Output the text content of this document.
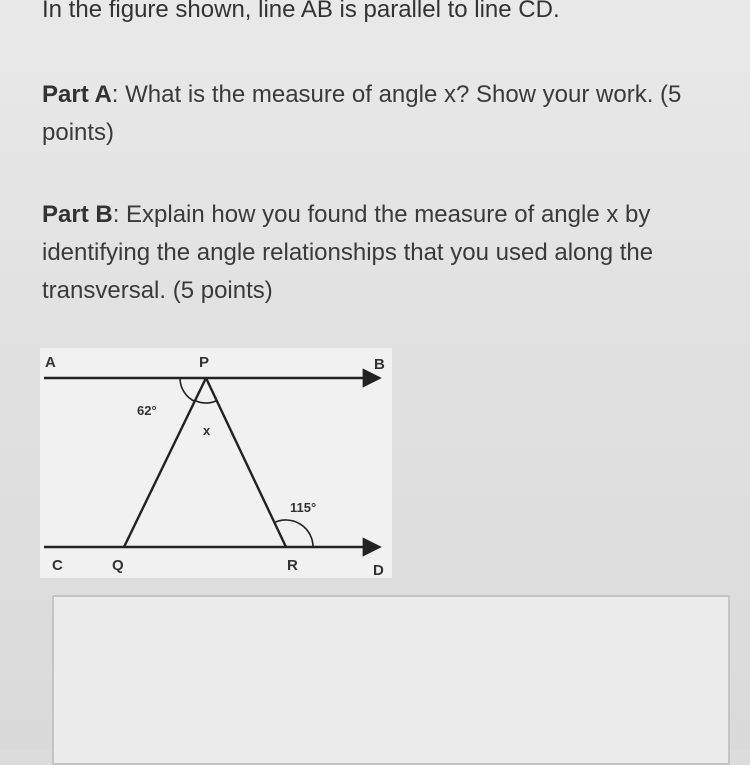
In the figure shown, line AB is parallel to line CD.
Part A: What is the measure of angle x? Show your work. (5 points)
Part B: Explain how you found the measure of angle x by identifying the angle relationships that you used along the transversal. (5 points)
A	P	B
C	Q	R	D
62°
x
115°
